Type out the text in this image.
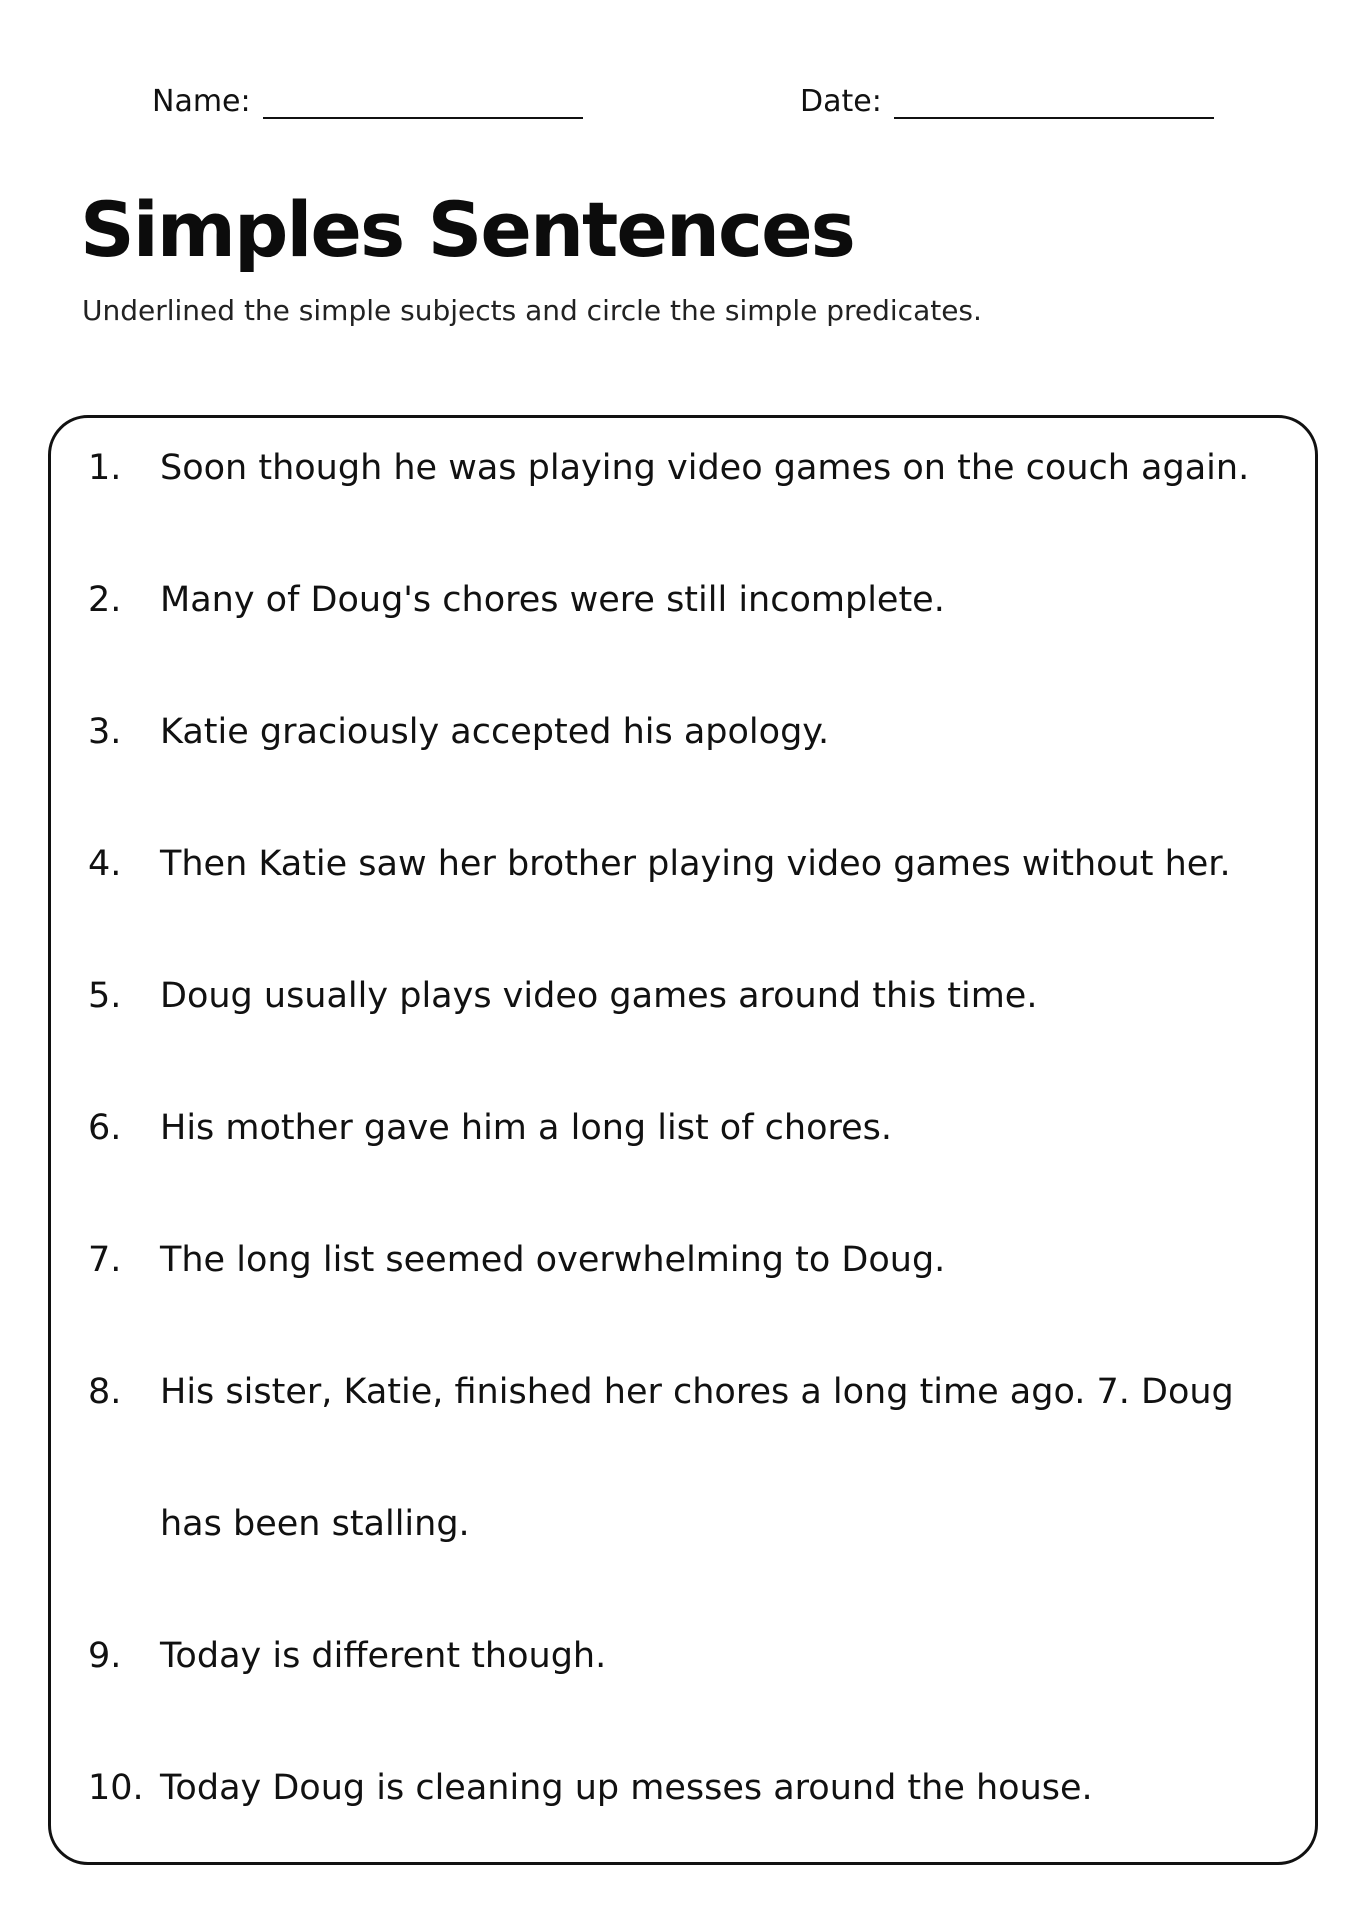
Name:	Date:
Simples Sentences
Underlined the simple subjects and circle the simple predicates.
1. Soon though he was playing video games on the couch again.
2. Many of Doug's chores were still incomplete.
3. Katie graciously accepted his apology.
4. Then Katie saw her brother playing video games without her.
5. Doug usually plays video games around this time.
6. His mother gave him a long list of chores.
7. The long list seemed overwhelming to Doug.
8. His sister, Katie, finished her chores a long time ago. 7. Doug
has been stalling.
9. Today is different though.
10. Today Doug is cleaning up messes around the house.
